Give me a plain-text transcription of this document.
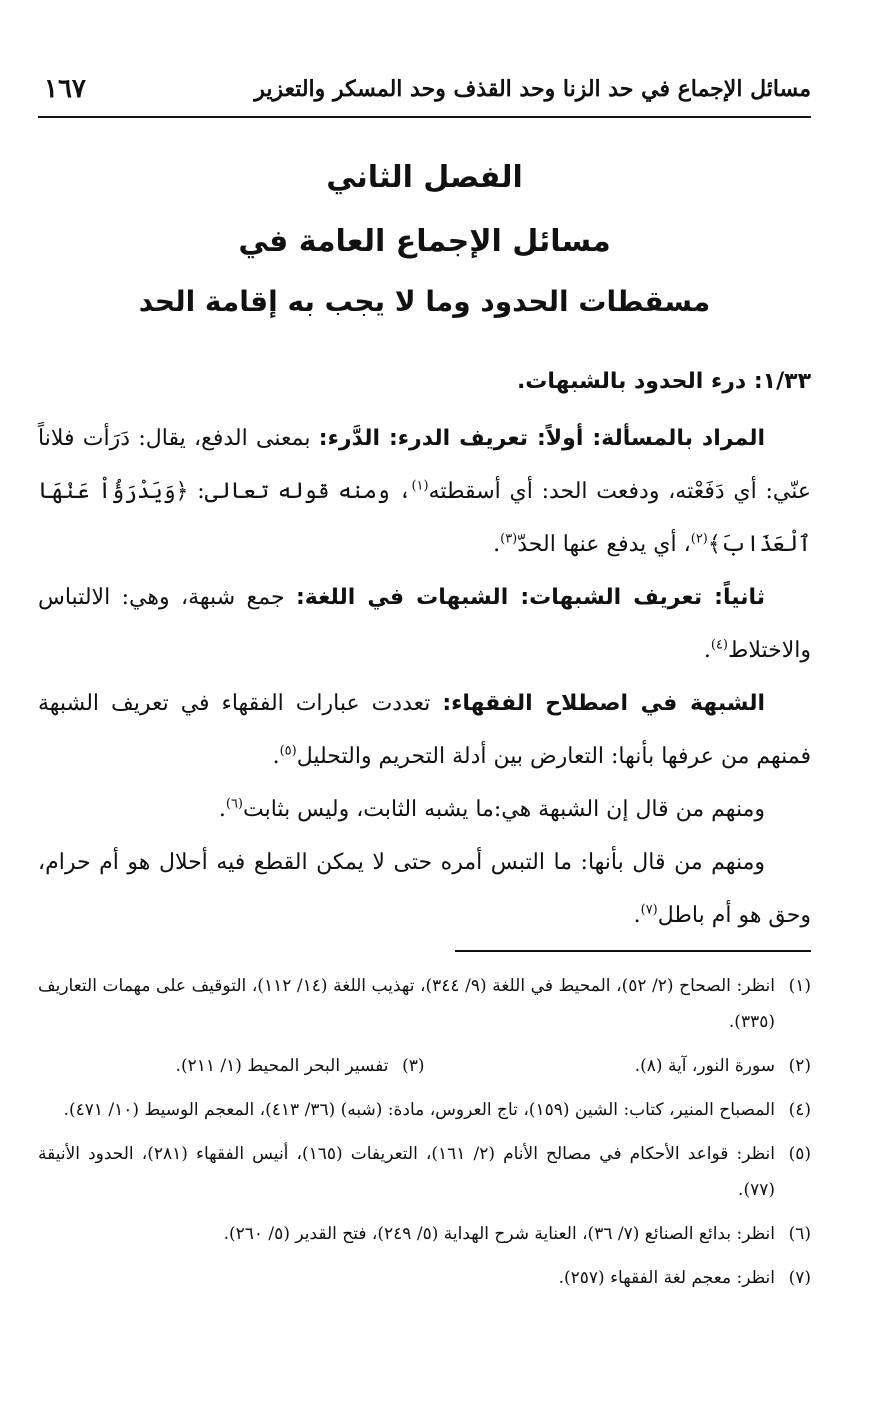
مسائل الإجماع في حد الزنا وحد القذف وحد المسكر والتعزير
١٦٧
الفصل الثاني
مسائل الإجماع العامة في
مسقطات الحدود وما لا يجب به إقامة الحد
١/٣٣: درء الحدود بالشبهات.

المراد بالمسألة: أولاً: تعريف الدرء: الدَّرء: بمعنى الدفع، يقال: دَرَأت فلاناً عنّي: أي دَفَعْته، ودفعت الحد: أي أسقطته$^{(١)}$، ومنه قوله تعالى: ﴿وَيَدْرَؤُاْ عَنْهَا ٱلْعَذَابَ﴾$^{(٢)}$، أي يدفع عنها الحدّ$^{(٣)}$.

ثانياً: تعريف الشبهات: الشبهات في اللغة: جمع شبهة، وهي: الالتباس والاختلاط$^{(٤)}$.

الشبهة في اصطلاح الفقهاء: تعددت عبارات الفقهاء في تعريف الشبهة فمنهم من عرفها بأنها: التعارض بين أدلة التحريم والتحليل$^{(٥)}$.

ومنهم من قال إن الشبهة هي:ما يشبه الثابت، وليس بثابت$^{(٦)}$.

ومنهم من قال بأنها: ما التبس أمره حتى لا يمكن القطع فيه أحلال هو أم حرام، وحق هو أم باطل$^{(٧)}$.

(١)
انظر: الصحاح (٢/ ٥٢)، المحيط في اللغة (٩/ ٣٤٤)، تهذيب اللغة (١٤/ ١١٢)، التوقيف على مهمات التعاريف (٣٣٥).
(٢)
سورة النور، آية (٨).
(٣)
تفسير البحر المحيط (١/ ٢١١).
(٤)
المصباح المنير، كتاب: الشين (١٥٩)، تاج العروس، مادة: (شبه) (٣٦/ ٤١٣)، المعجم الوسيط (١٠/ ٤٧١).
(٥)
انظر: قواعد الأحكام في مصالح الأنام (٢/ ١٦١)، التعريفات (١٦٥)، أنيس الفقهاء (٢٨١)، الحدود الأنيقة (٧٧).
(٦)
انظر: بدائع الصنائع (٧/ ٣٦)، العناية شرح الهداية (٥/ ٢٤٩)، فتح القدير (٥/ ٢٦٠).
(٧)
انظر: معجم لغة الفقهاء (٢٥٧).
